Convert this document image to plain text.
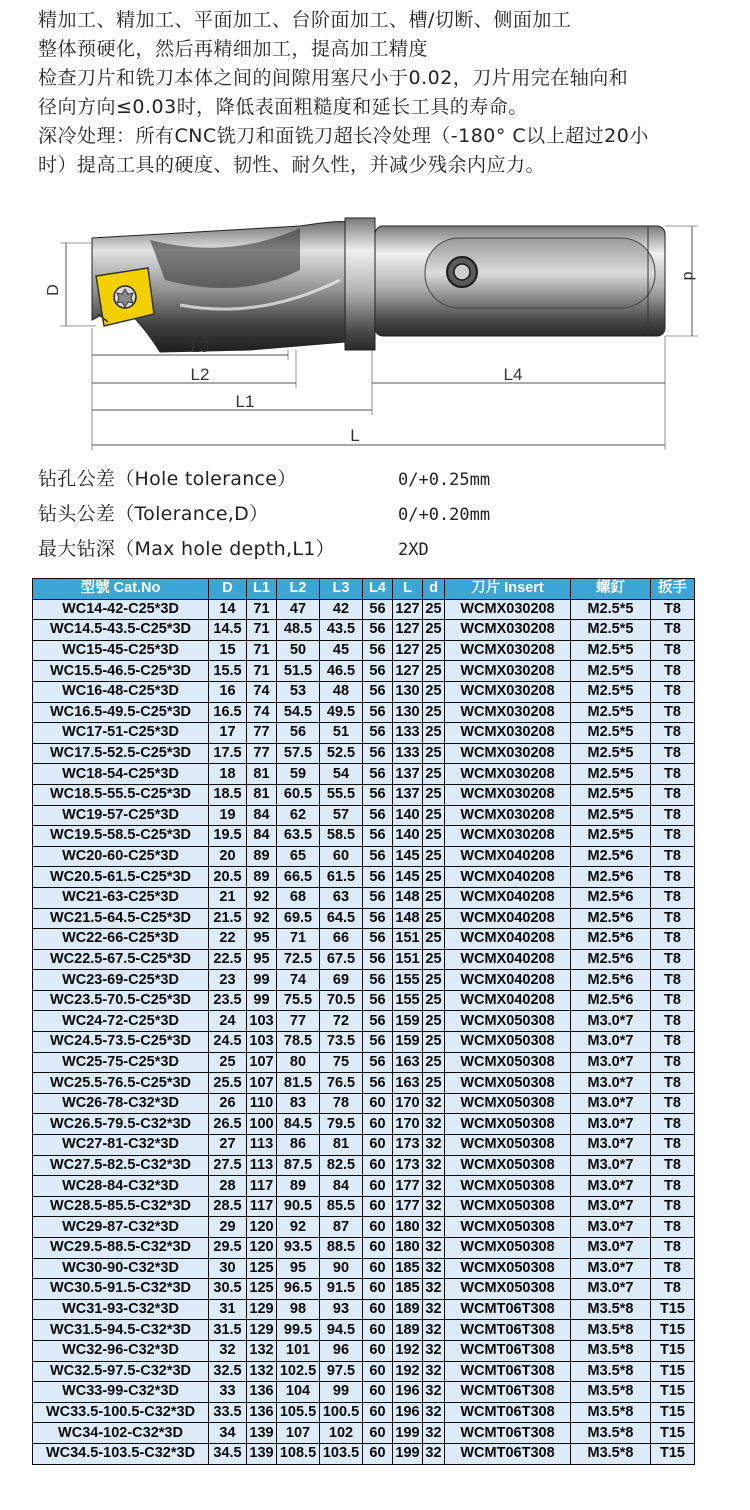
精加工、精加工、平面加工、台阶面加工、槽/切断、侧面加工
整体预硬化，然后再精细加工，提高加工精度
检查刀片和铣刀本体之间的间隙用塞尺小于0.02，刀片用完在轴向和
径向方向≤0.03时，降低表面粗糙度和延长工具的寿命。
深冷处理：所有CNC铣刀和面铣刀超长冷处理（-180° C以上超过20小
时）提高工具的硬度、韧性、耐久性，并减少残余内应力。
D
d
L3
L2	L4
L1
L
钻孔公差（Hole tolerance）	0/+0.25mm
钻头公差（Tolerance,D）	0/+0.20mm
最大钻深（Max hole depth,L1）	2XD
型號 Cat.No	D	L1	L2	L3	L4	L	d	刀片 Insert	螺釘	扳手
WC14-42-C25*3D	14	71	47	42	56	127	25	WCMX030208	M2.5*5	T8
WC14.5-43.5-C25*3D	14.5	71	48.5	43.5	56	127	25	WCMX030208	M2.5*5	T8
WC15-45-C25*3D	15	71	50	45	56	127	25	WCMX030208	M2.5*5	T8
WC15.5-46.5-C25*3D	15.5	71	51.5	46.5	56	127	25	WCMX030208	M2.5*5	T8
WC16-48-C25*3D	16	74	53	48	56	130	25	WCMX030208	M2.5*5	T8
WC16.5-49.5-C25*3D	16.5	74	54.5	49.5	56	130	25	WCMX030208	M2.5*5	T8
WC17-51-C25*3D	17	77	56	51	56	133	25	WCMX030208	M2.5*5	T8
WC17.5-52.5-C25*3D	17.5	77	57.5	52.5	56	133	25	WCMX030208	M2.5*5	T8
WC18-54-C25*3D	18	81	59	54	56	137	25	WCMX030208	M2.5*5	T8
WC18.5-55.5-C25*3D	18.5	81	60.5	55.5	56	137	25	WCMX030208	M2.5*5	T8
WC19-57-C25*3D	19	84	62	57	56	140	25	WCMX030208	M2.5*5	T8
WC19.5-58.5-C25*3D	19.5	84	63.5	58.5	56	140	25	WCMX030208	M2.5*5	T8
WC20-60-C25*3D	20	89	65	60	56	145	25	WCMX040208	M2.5*6	T8
WC20.5-61.5-C25*3D	20.5	89	66.5	61.5	56	145	25	WCMX040208	M2.5*6	T8
WC21-63-C25*3D	21	92	68	63	56	148	25	WCMX040208	M2.5*6	T8
WC21.5-64.5-C25*3D	21.5	92	69.5	64.5	56	148	25	WCMX040208	M2.5*6	T8
WC22-66-C25*3D	22	95	71	66	56	151	25	WCMX040208	M2.5*6	T8
WC22.5-67.5-C25*3D	22.5	95	72.5	67.5	56	151	25	WCMX040208	M2.5*6	T8
WC23-69-C25*3D	23	99	74	69	56	155	25	WCMX040208	M2.5*6	T8
WC23.5-70.5-C25*3D	23.5	99	75.5	70.5	56	155	25	WCMX040208	M2.5*6	T8
WC24-72-C25*3D	24	103	77	72	56	159	25	WCMX050308	M3.0*7	T8
WC24.5-73.5-C25*3D	24.5	103	78.5	73.5	56	159	25	WCMX050308	M3.0*7	T8
WC25-75-C25*3D	25	107	80	75	56	163	25	WCMX050308	M3.0*7	T8
WC25.5-76.5-C25*3D	25.5	107	81.5	76.5	56	163	25	WCMX050308	M3.0*7	T8
WC26-78-C32*3D	26	110	83	78	60	170	32	WCMX050308	M3.0*7	T8
WC26.5-79.5-C32*3D	26.5	100	84.5	79.5	60	170	32	WCMX050308	M3.0*7	T8
WC27-81-C32*3D	27	113	86	81	60	173	32	WCMX050308	M3.0*7	T8
WC27.5-82.5-C32*3D	27.5	113	87.5	82.5	60	173	32	WCMX050308	M3.0*7	T8
WC28-84-C32*3D	28	117	89	84	60	177	32	WCMX050308	M3.0*7	T8
WC28.5-85.5-C32*3D	28.5	117	90.5	85.5	60	177	32	WCMX050308	M3.0*7	T8
WC29-87-C32*3D	29	120	92	87	60	180	32	WCMX050308	M3.0*7	T8
WC29.5-88.5-C32*3D	29.5	120	93.5	88.5	60	180	32	WCMX050308	M3.0*7	T8
WC30-90-C32*3D	30	125	95	90	60	185	32	WCMX050308	M3.0*7	T8
WC30.5-91.5-C32*3D	30.5	125	96.5	91.5	60	185	32	WCMX050308	M3.0*7	T8
WC31-93-C32*3D	31	129	98	93	60	189	32	WCMT06T308	M3.5*8	T15
WC31.5-94.5-C32*3D	31.5	129	99.5	94.5	60	189	32	WCMT06T308	M3.5*8	T15
WC32-96-C32*3D	32	132	101	96	60	192	32	WCMT06T308	M3.5*8	T15
WC32.5-97.5-C32*3D	32.5	132	102.5	97.5	60	192	32	WCMT06T308	M3.5*8	T15
WC33-99-C32*3D	33	136	104	99	60	196	32	WCMT06T308	M3.5*8	T15
WC33.5-100.5-C32*3D	33.5	136	105.5	100.5	60	196	32	WCMT06T308	M3.5*8	T15
WC34-102-C32*3D	34	139	107	102	60	199	32	WCMT06T308	M3.5*8	T15
WC34.5-103.5-C32*3D	34.5	139	108.5	103.5	60	199	32	WCMT06T308	M3.5*8	T15
